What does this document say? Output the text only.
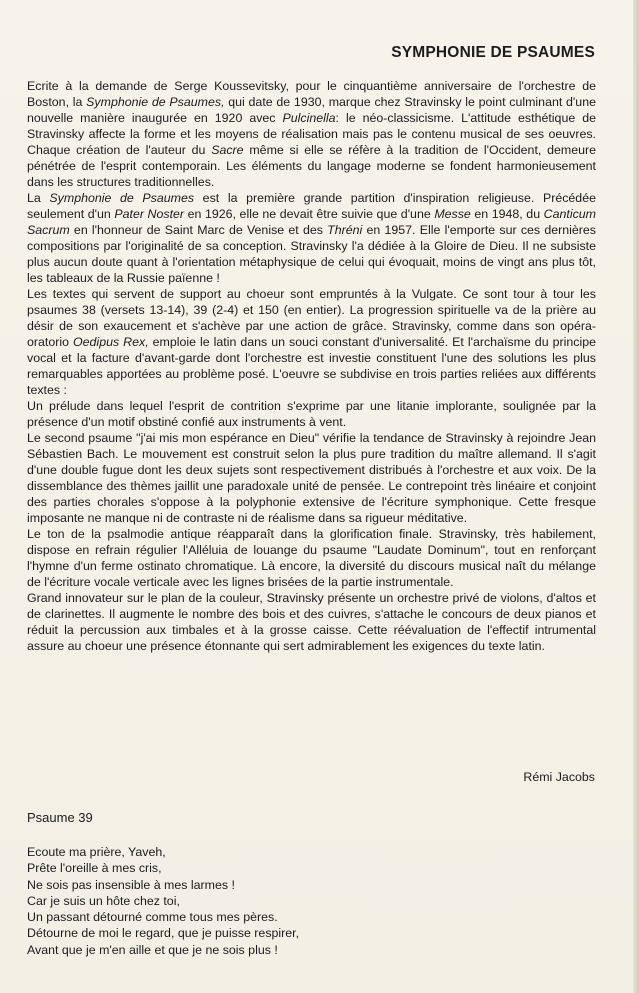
SYMPHONIE DE PSAUMES

Ecrite à la demande de Serge Koussevitsky, pour le cinquantième anniversaire de l'orchestre de Boston, la Symphonie de Psaumes, qui date de 1930, marque chez Stravinsky le point culminant d'une nouvelle manière inaugurée en 1920 avec Pulcinella: le néo-classicisme. L'attitude esthétique de Stravinsky affecte la forme et les moyens de réalisation mais pas le contenu musical de ses oeuvres. Chaque création de l'auteur du Sacre même si elle se réfère à la tradition de l'Occident, demeure pénétrée de l'esprit contemporain. Les éléments du langage moderne se fondent harmonieusement dans les structures traditionnelles.

La Symphonie de Psaumes est la première grande partition d'inspiration religieuse. Précédée seulement d'un Pater Noster en 1926, elle ne devait être suivie que d'une Messe en 1948, du Canticum Sacrum en l'honneur de Saint Marc de Venise et des Thréni en 1957. Elle l'emporte sur ces dernières compositions par l'originalité de sa conception. Stravinsky l'a dédiée à la Gloire de Dieu. Il ne subsiste plus aucun doute quant à l'orientation métaphysique de celui qui évoquait, moins de vingt ans plus tôt, les tableaux de la Russie païenne !

Les textes qui servent de support au choeur sont empruntés à la Vulgate. Ce sont tour à tour les psaumes 38 (versets 13-14), 39 (2-4) et 150 (en entier). La progression spirituelle va de la prière au désir de son exaucement et s'achève par une action de grâce. Stravinsky, comme dans son opéra-oratorio Oedipus Rex, emploie le latin dans un souci constant d'universalité. Et l'archaïsme du principe vocal et la facture d'avant-garde dont l'orchestre est investie constituent l'une des solutions les plus remarquables apportées au problème posé. L'oeuvre se subdivise en trois parties reliées aux différents textes :

Un prélude dans lequel l'esprit de contrition s'exprime par une litanie implorante, soulignée par la présence d'un motif obstiné confié aux instruments à vent.

Le second psaume "j'ai mis mon espérance en Dieu" vérifie la tendance de Stravinsky à rejoindre Jean Sébastien Bach. Le mouvement est construit selon la plus pure tradition du maître allemand. Il s'agit d'une double fugue dont les deux sujets sont respectivement distribués à l'orchestre et aux voix. De la dissemblance des thèmes jaillit une paradoxale unité de pensée. Le contrepoint très linéaire et conjoint des parties chorales s'oppose à la polyphonie extensive de l'écriture symphonique. Cette fresque imposante ne manque ni de contraste ni de réalisme dans sa rigueur méditative.

Le ton de la psalmodie antique réapparaît dans la glorification finale. Stravinsky, très habilement, dispose en refrain régulier l'Alléluia de louange du psaume "Laudate Dominum", tout en renforçant l'hymne d'un ferme ostinato chromatique. Là encore, la diversité du discours musical naît du mélange de l'écriture vocale verticale avec les lignes brisées de la partie instrumentale.

Grand innovateur sur le plan de la couleur, Stravinsky présente un orchestre privé de violons, d'altos et de clarinettes. Il augmente le nombre des bois et des cuivres, s'attache le concours de deux pianos et réduit la percussion aux timbales et à la grosse caisse. Cette réévaluation de l'effectif intrumental assure au choeur une présence étonnante qui sert admirablement les exigences du texte latin.

Rémi Jacobs
Psaume 39
Ecoute ma prière, Yaveh,
Prête l'oreille à mes cris,
Ne sois pas insensible à mes larmes !
Car je suis un hôte chez toi,
Un passant détourné comme tous mes pères.
Détourne de moi le regard, que je puisse respirer,
Avant que je m'en aille et que je ne sois plus !
